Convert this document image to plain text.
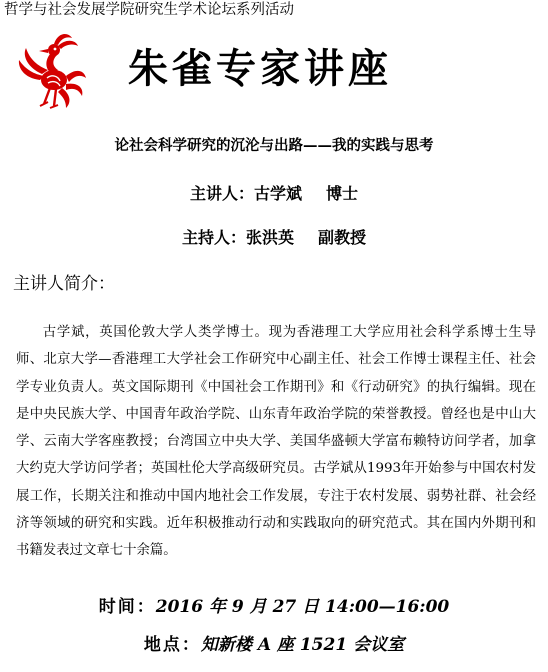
哲学与社会发展学院研究生学术论坛系列活动
朱雀专家讲座
论社会科学研究的沉沦与出路——我的实践与思考
主讲人：古学斌 博士
主持人：张洪英 副教授
主讲人简介：

古学斌，英国伦敦大学人类学博士。现为香港理工大学应用社会科学系博士生导师、北京大学—香港理工大学社会工作研究中心副主任、社会工作博士课程主任、社会学专业负责人。英文国际期刊《中国社会工作期刊》和《行动研究》的执行编辑。现在是中央民族大学、中国青年政治学院、山东青年政治学院的荣誉教授。曾经也是中山大学、云南大学客座教授；台湾国立中央大学、美国华盛顿大学富布赖特访问学者，加拿大约克大学访问学者；英国杜伦大学高级研究员。古学斌从1993年开始参与中国农村发展工作，长期关注和推动中国内地社会工作发展，专注于农村发展、弱势社群、社会经济等领域的研究和实践。近年积极推动行动和实践取向的研究范式。其在国内外期刊和书籍发表过文章七十余篇。

时间：2016 年 9 月 27 日 14:00—16:00
地点：知新楼 A 座 1521 会议室
